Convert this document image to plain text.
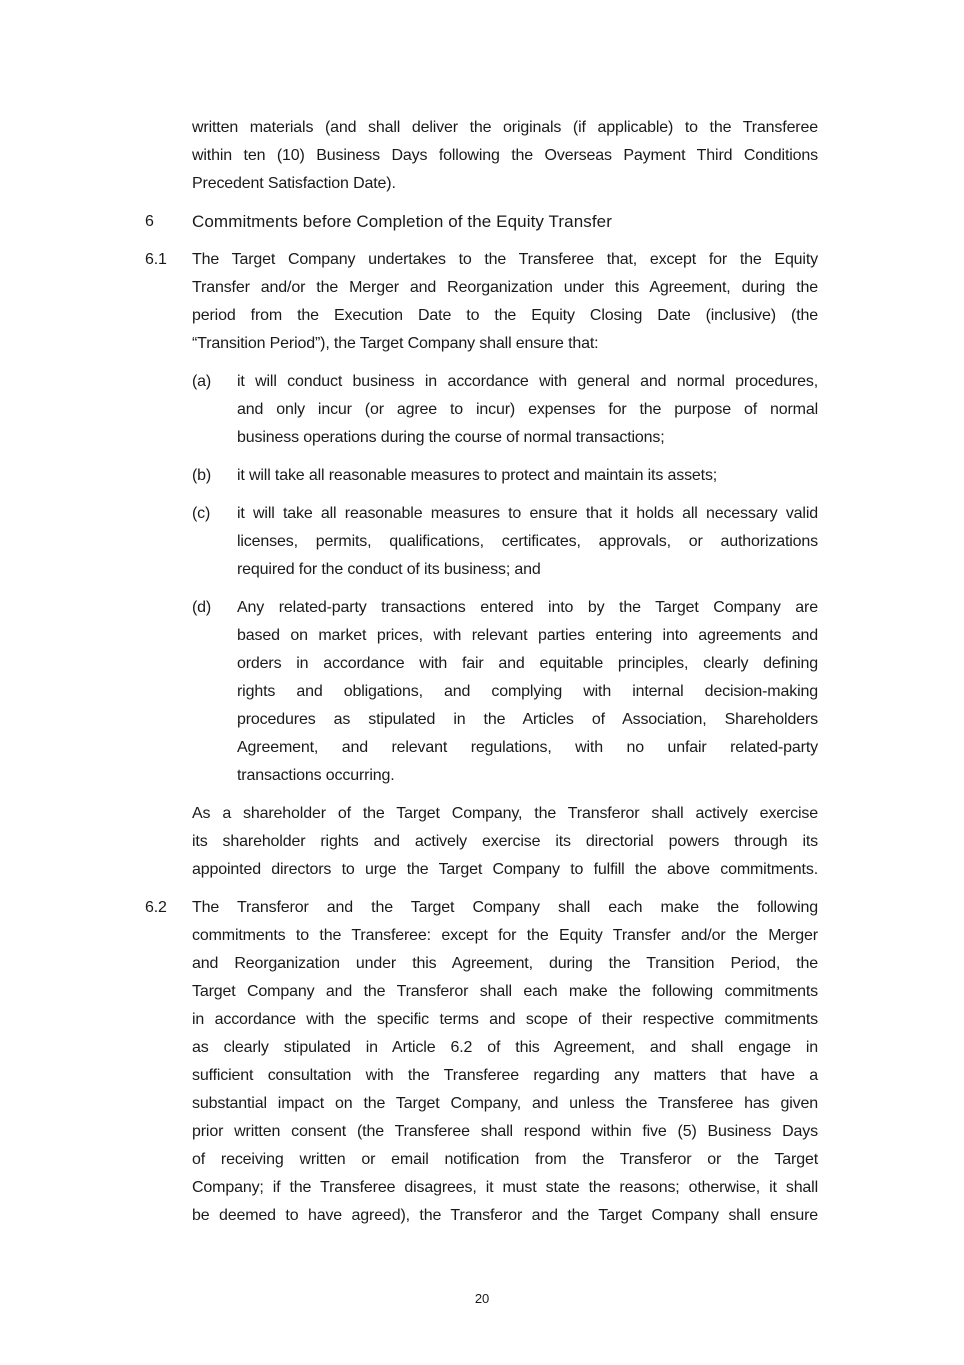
written materials (and shall deliver the originals (if applicable) to the Transferee
within ten (10) Business Days following the Overseas Payment Third Conditions
Precedent Satisfaction Date).
6 Commitments before Completion of the Equity Transfer
6.1 The Target Company undertakes to the Transferee that, except for the Equity
Transfer and/or the Merger and Reorganization under this Agreement, during the
period from the Execution Date to the Equity Closing Date (inclusive) (the
“Transition Period”), the Target Company shall ensure that:
(a) it will conduct business in accordance with general and normal procedures,
and only incur (or agree to incur) expenses for the purpose of normal
business operations during the course of normal transactions;
(b) it will take all reasonable measures to protect and maintain its assets;
(c) it will take all reasonable measures to ensure that it holds all necessary valid
licenses, permits, qualifications, certificates, approvals, or authorizations
required for the conduct of its business; and
(d) Any related-party transactions entered into by the Target Company are
based on market prices, with relevant parties entering into agreements and
orders in accordance with fair and equitable principles, clearly defining
rights and obligations, and complying with internal decision-making
procedures as stipulated in the Articles of Association, Shareholders
Agreement, and relevant regulations, with no unfair related-party
transactions occurring.
As a shareholder of the Target Company, the Transferor shall actively exercise
its shareholder rights and actively exercise its directorial powers through its
appointed directors to urge the Target Company to fulfill the above commitments.
6.2 The Transferor and the Target Company shall each make the following
commitments to the Transferee: except for the Equity Transfer and/or the Merger
and Reorganization under this Agreement, during the Transition Period, the
Target Company and the Transferor shall each make the following commitments
in accordance with the specific terms and scope of their respective commitments
as clearly stipulated in Article 6.2 of this Agreement, and shall engage in
sufficient consultation with the Transferee regarding any matters that have a
substantial impact on the Target Company, and unless the Transferee has given
prior written consent (the Transferee shall respond within five (5) Business Days
of receiving written or email notification from the Transferor or the Target
Company; if the Transferee disagrees, it must state the reasons; otherwise, it shall
be deemed to have agreed), the Transferor and the Target Company shall ensure
20
